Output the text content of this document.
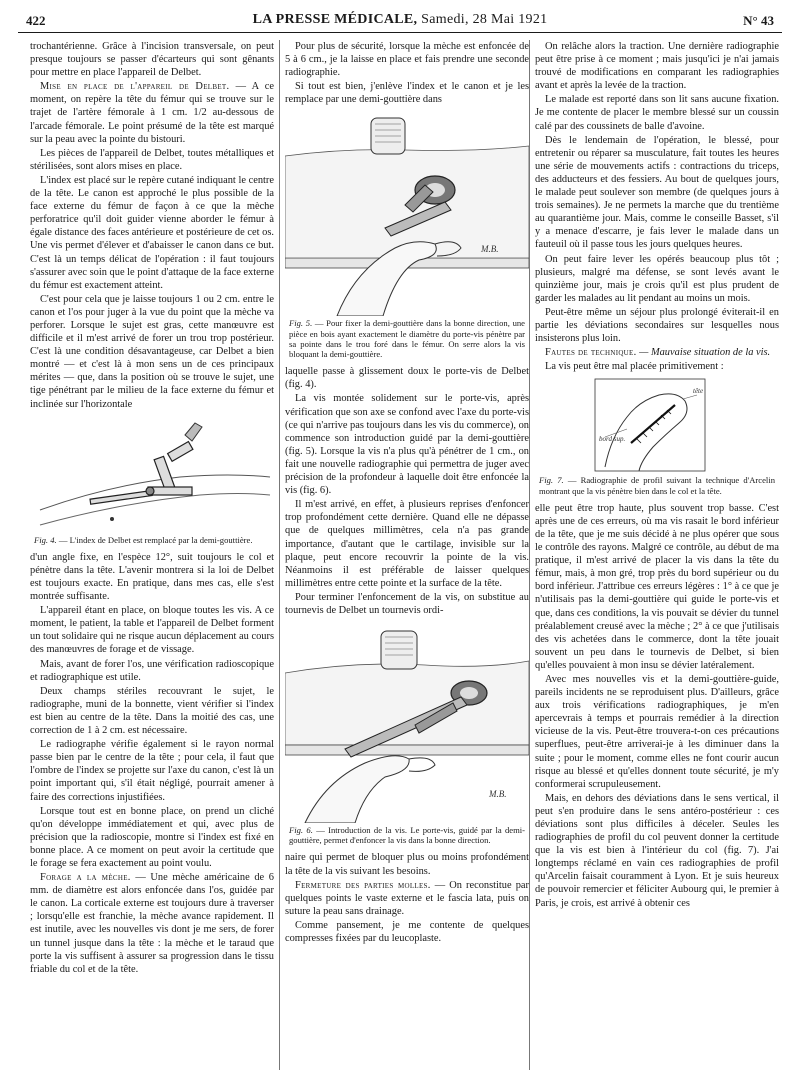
422	LA PRESSE MÉDICALE, Samedi, 28 Mai 1921	N° 43

trochantérienne. Grâce à l'incision transversale, on peut presque toujours se passer d'écarteurs qui sont gênants pour mettre en place l'appareil de Delbet.

Mise en place de l'appareil de Delbet. — A ce moment, on repère la tête du fémur qui se trouve sur le trajet de l'artère fémorale à 1 cm. 1/2 au-dessous de l'arcade fémorale. Le point présumé de la tête est marqué sur la peau avec la pointe du bistouri.

Les pièces de l'appareil de Delbet, toutes métalliques et stérilisées, sont alors mises en place.

L'index est placé sur le repère cutané indiquant le centre de la tête. Le canon est approché le plus possible de la face externe du fémur de façon à ce que la mèche perforatrice qu'il doit guider vienne aborder le fémur à égale distance des faces antérieure et postérieure de cet os. Une vis permet d'élever et d'abaisser le canon dans ce but. C'est là un temps délicat de l'opération : il faut toujours s'assurer avec soin que le point d'attaque de la face externe du fémur est exactement atteint.

C'est pour cela que je laisse toujours 1 ou 2 cm. entre le canon et l'os pour juger à la vue du point que la mèche va perforer. Lorsque le sujet est gras, cette manœuvre est difficile et il m'est arrivé de forer un trou trop postérieur. C'est là une condition désavantageuse, car Delbet a bien montré — et c'est là à mon sens un de ces principaux mérites — que, dans la position où se trouve le sujet, une tige pénétrant par le milieu de la face externe du fémur et inclinée sur l'horizontale

Fig. 4. — L'index de Delbet est remplacé par la demi-gouttière.

d'un angle fixe, en l'espèce 12°, suit toujours le col et pénètre dans la tête. L'avenir montrera si la loi de Delbet est toujours exacte. En pratique, dans mes cas, elle s'est montrée suffisante.

L'appareil étant en place, on bloque toutes les vis. A ce moment, le patient, la table et l'appareil de Delbet forment un tout solidaire qui ne risque aucun déplacement au cours des manœuvres de forage et de vissage.

Mais, avant de forer l'os, une vérification radioscopique et radiographique est utile.

Deux champs stériles recouvrant le sujet, le radiographe, muni de la bonnette, vient vérifier si l'index est bien au centre de la tête. Dans la moitié des cas, une correction de 1 à 2 cm. est nécessaire.

Le radiographe vérifie également si le rayon normal passe bien par le centre de la tête ; pour cela, il faut que l'ombre de l'index se projette sur l'axe du canon, c'est là un point important qui, s'il était négligé, pourrait amener à faire des corrections injustifiées.

Lorsque tout est en bonne place, on prend un cliché qu'on développe immédiatement et qui, avec plus de précision que la radioscopie, montre si l'index est fixé en bonne place. A ce moment on peut avoir la certitude que le forage se fera exactement au point voulu.

Forage a la mèche. — Une mèche américaine de 6 mm. de diamètre est alors enfoncée dans l'os, guidée par le canon. La corticale externe est toujours dure à traverser ; lorsqu'elle est franchie, la mèche avance rapidement. Il est inutile, avec les nouvelles vis dont je me sers, de forer un tunnel jusque dans la tête : la mèche et le taraud que porte la vis suffisent à assurer sa progression dans le tissu friable du col et de la tête.

Pour plus de sécurité, lorsque la mèche est enfoncée de 5 à 6 cm., je la laisse en place et fais prendre une seconde radiographie.

Si tout est bien, j'enlève l'index et le canon et je les remplace par une demi-gouttière dans

M.B.
Fig. 5. — Pour fixer la demi-gouttière dans la bonne direction, une pièce en bois ayant exactement le diamètre du porte-vis pénètre par sa pointe dans le trou foré dans le fémur. On serre alors la vis bloquant la demi-gouttière.

laquelle passe à glissement doux le porte-vis de Delbet (fig. 4).

La vis montée solidement sur le porte-vis, après vérification que son axe se confond avec l'axe du porte-vis (ce qui n'arrive pas toujours dans les vis du commerce), on commence son introduction guidé par la demi-gouttière (fig. 5). Lorsque la vis n'a plus qu'à pénétrer de 1 cm., on fait une nouvelle radiographie qui permettra de juger avec précision de la profondeur à laquelle doit être enfoncée la vis (fig. 6).

Il m'est arrivé, en effet, à plusieurs reprises d'enfoncer trop profondément cette dernière. Quand elle ne dépasse que de quelques millimètres, cela n'a pas grande importance, d'autant que le cartilage, invisible sur la plaque, peut encore recouvrir la pointe de la vis. Néanmoins il est préférable de laisser quelques millimètres entre cette pointe et la surface de la tête.

Pour terminer l'enfoncement de la vis, on substitue au tournevis de Delbet un tournevis ordi-

M.B.
Fig. 6. — Introduction de la vis. Le porte-vis, guidé par la demi-gouttière, permet d'enfoncer la vis dans la bonne direction.

naire qui permet de bloquer plus ou moins profondément la tête de la vis suivant les besoins.

Fermeture des parties molles. — On reconstitue par quelques points le vaste externe et le fascia lata, puis on suture la peau sans drainage.

Comme pansement, je me contente de quelques compresses fixées par du leucoplaste.

On relâche alors la traction. Une dernière radiographie peut être prise à ce moment ; mais jusqu'ici je n'ai jamais trouvé de modifications en comparant les radiographies avant et après la levée de la traction.

Le malade est reporté dans son lit sans aucune fixation. Je me contente de placer le membre blessé sur un coussin calé par des coussinets de balle d'avoine.

Dès le lendemain de l'opération, le blessé, pour entretenir ou réparer sa musculature, fait toutes les heures une série de mouvements actifs : contractions du triceps, des adducteurs et des fessiers. Au bout de quelques jours, le malade peut soulever son membre (de quelques jours à trois semaines). Je ne permets la marche que du trentième au quarantième jour. Mais, comme le conseille Basset, s'il y a menace d'escarre, je fais lever le malade dans un fauteuil où il passe tous les jours quelques heures.

On peut faire lever les opérés beaucoup plus tôt ; plusieurs, malgré ma défense, se sont levés avant le quinzième jour, mais je crois qu'il est plus prudent de garder les malades au lit pendant au moins un mois.

Peut-être même un séjour plus prolongé éviterait-il en partie les déviations secondaires sur lesquelles nous insisterons plus loin.

Fautes de technique. — Mauvaise situation de la vis.

La vis peut être mal placée primitivement :

bord sup.
tête
Fig. 7. — Radiographie de profil suivant la technique d'Arcelin montrant que la vis pénètre bien dans le col et la tête.

elle peut être trop haute, plus souvent trop basse. C'est après une de ces erreurs, où ma vis rasait le bord inférieur de la tête, que je me suis décidé à ne plus opérer que sous le contrôle des rayons. Malgré ce contrôle, au début de ma pratique, il m'est arrivé de placer la vis dans la tête du fémur, mais, à mon gré, trop près du bord supérieur ou du bord inférieur. J'attribue ces erreurs légères : 1° à ce que je n'utilisais pas la demi-gouttière qui guide le porte-vis et que, dans ces conditions, la vis pouvait se dévier du tunnel préalablement creusé avec la mèche ; 2° à ce que j'utilisais des vis achetées dans le commerce, dont la tête jouait souvent un peu dans le tournevis de Delbet, si bien qu'elles pouvaient à mon insu se dévier latéralement.

Avec mes nouvelles vis et la demi-gouttière-guide, pareils incidents ne se reproduisent plus. D'ailleurs, grâce aux trois vérifications radiographiques, je m'en apercevrais à temps et pourrais remédier à la direction vicieuse de la vis. Peut-être trouvera-t-on ces précautions superflues, peut-être arriverai-je à les diminuer dans la suite ; pour le moment, comme elles ne font courir aucun risque au blessé et qu'elles donnent toute sécurité, je m'y conformerai scrupuleusement.

Mais, en dehors des déviations dans le sens vertical, il peut s'en produire dans le sens antéro-postérieur : ces déviations sont plus difficiles à déceler. Seules les radiographies de profil du col peuvent donner la certitude que la vis est bien à l'intérieur du col (fig. 7). J'ai longtemps réclamé en vain ces radiographies de profil qu'Arcelin faisait couramment à Lyon. Et je suis heureux de pouvoir remercier et féliciter Aubourg qui, le premier à Paris, je crois, est arrivé à obtenir ces
